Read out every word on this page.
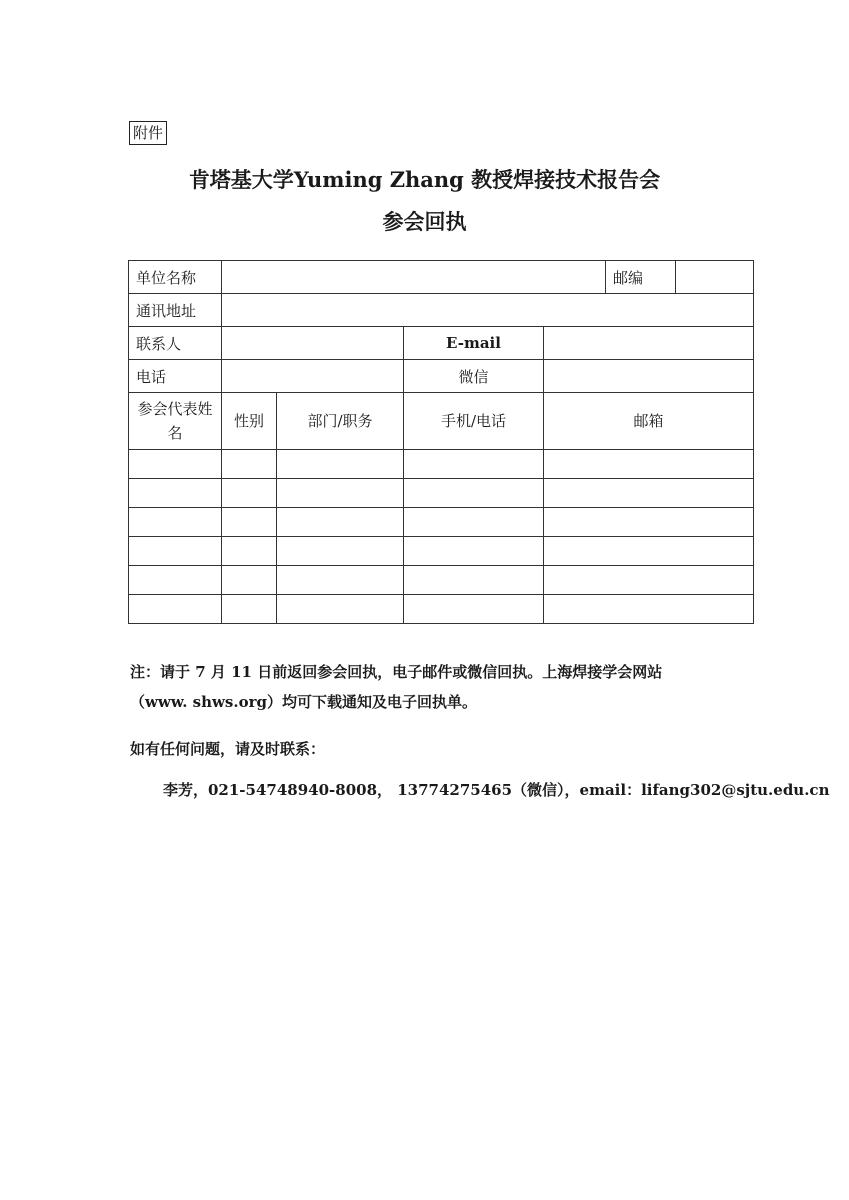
附件
肯塔基大学Yuming Zhang 教授焊接技术报告会
参会回执
单位名称					邮编

通讯地址					
联系人			E-mail		
电话			微信		
参会代表姓名	性别	部门/职务	手机/电话	邮箱	

注：请于 7 月 11 日前返回参会回执，电子邮件或微信回执。上海焊接学会网站
（www. shws.org）均可下载通知及电子回执单。
如有任何问题，请及时联系：
李芳，021-54748940-8008， 13774275465（微信），email：lifang302@sjtu.edu.cn
